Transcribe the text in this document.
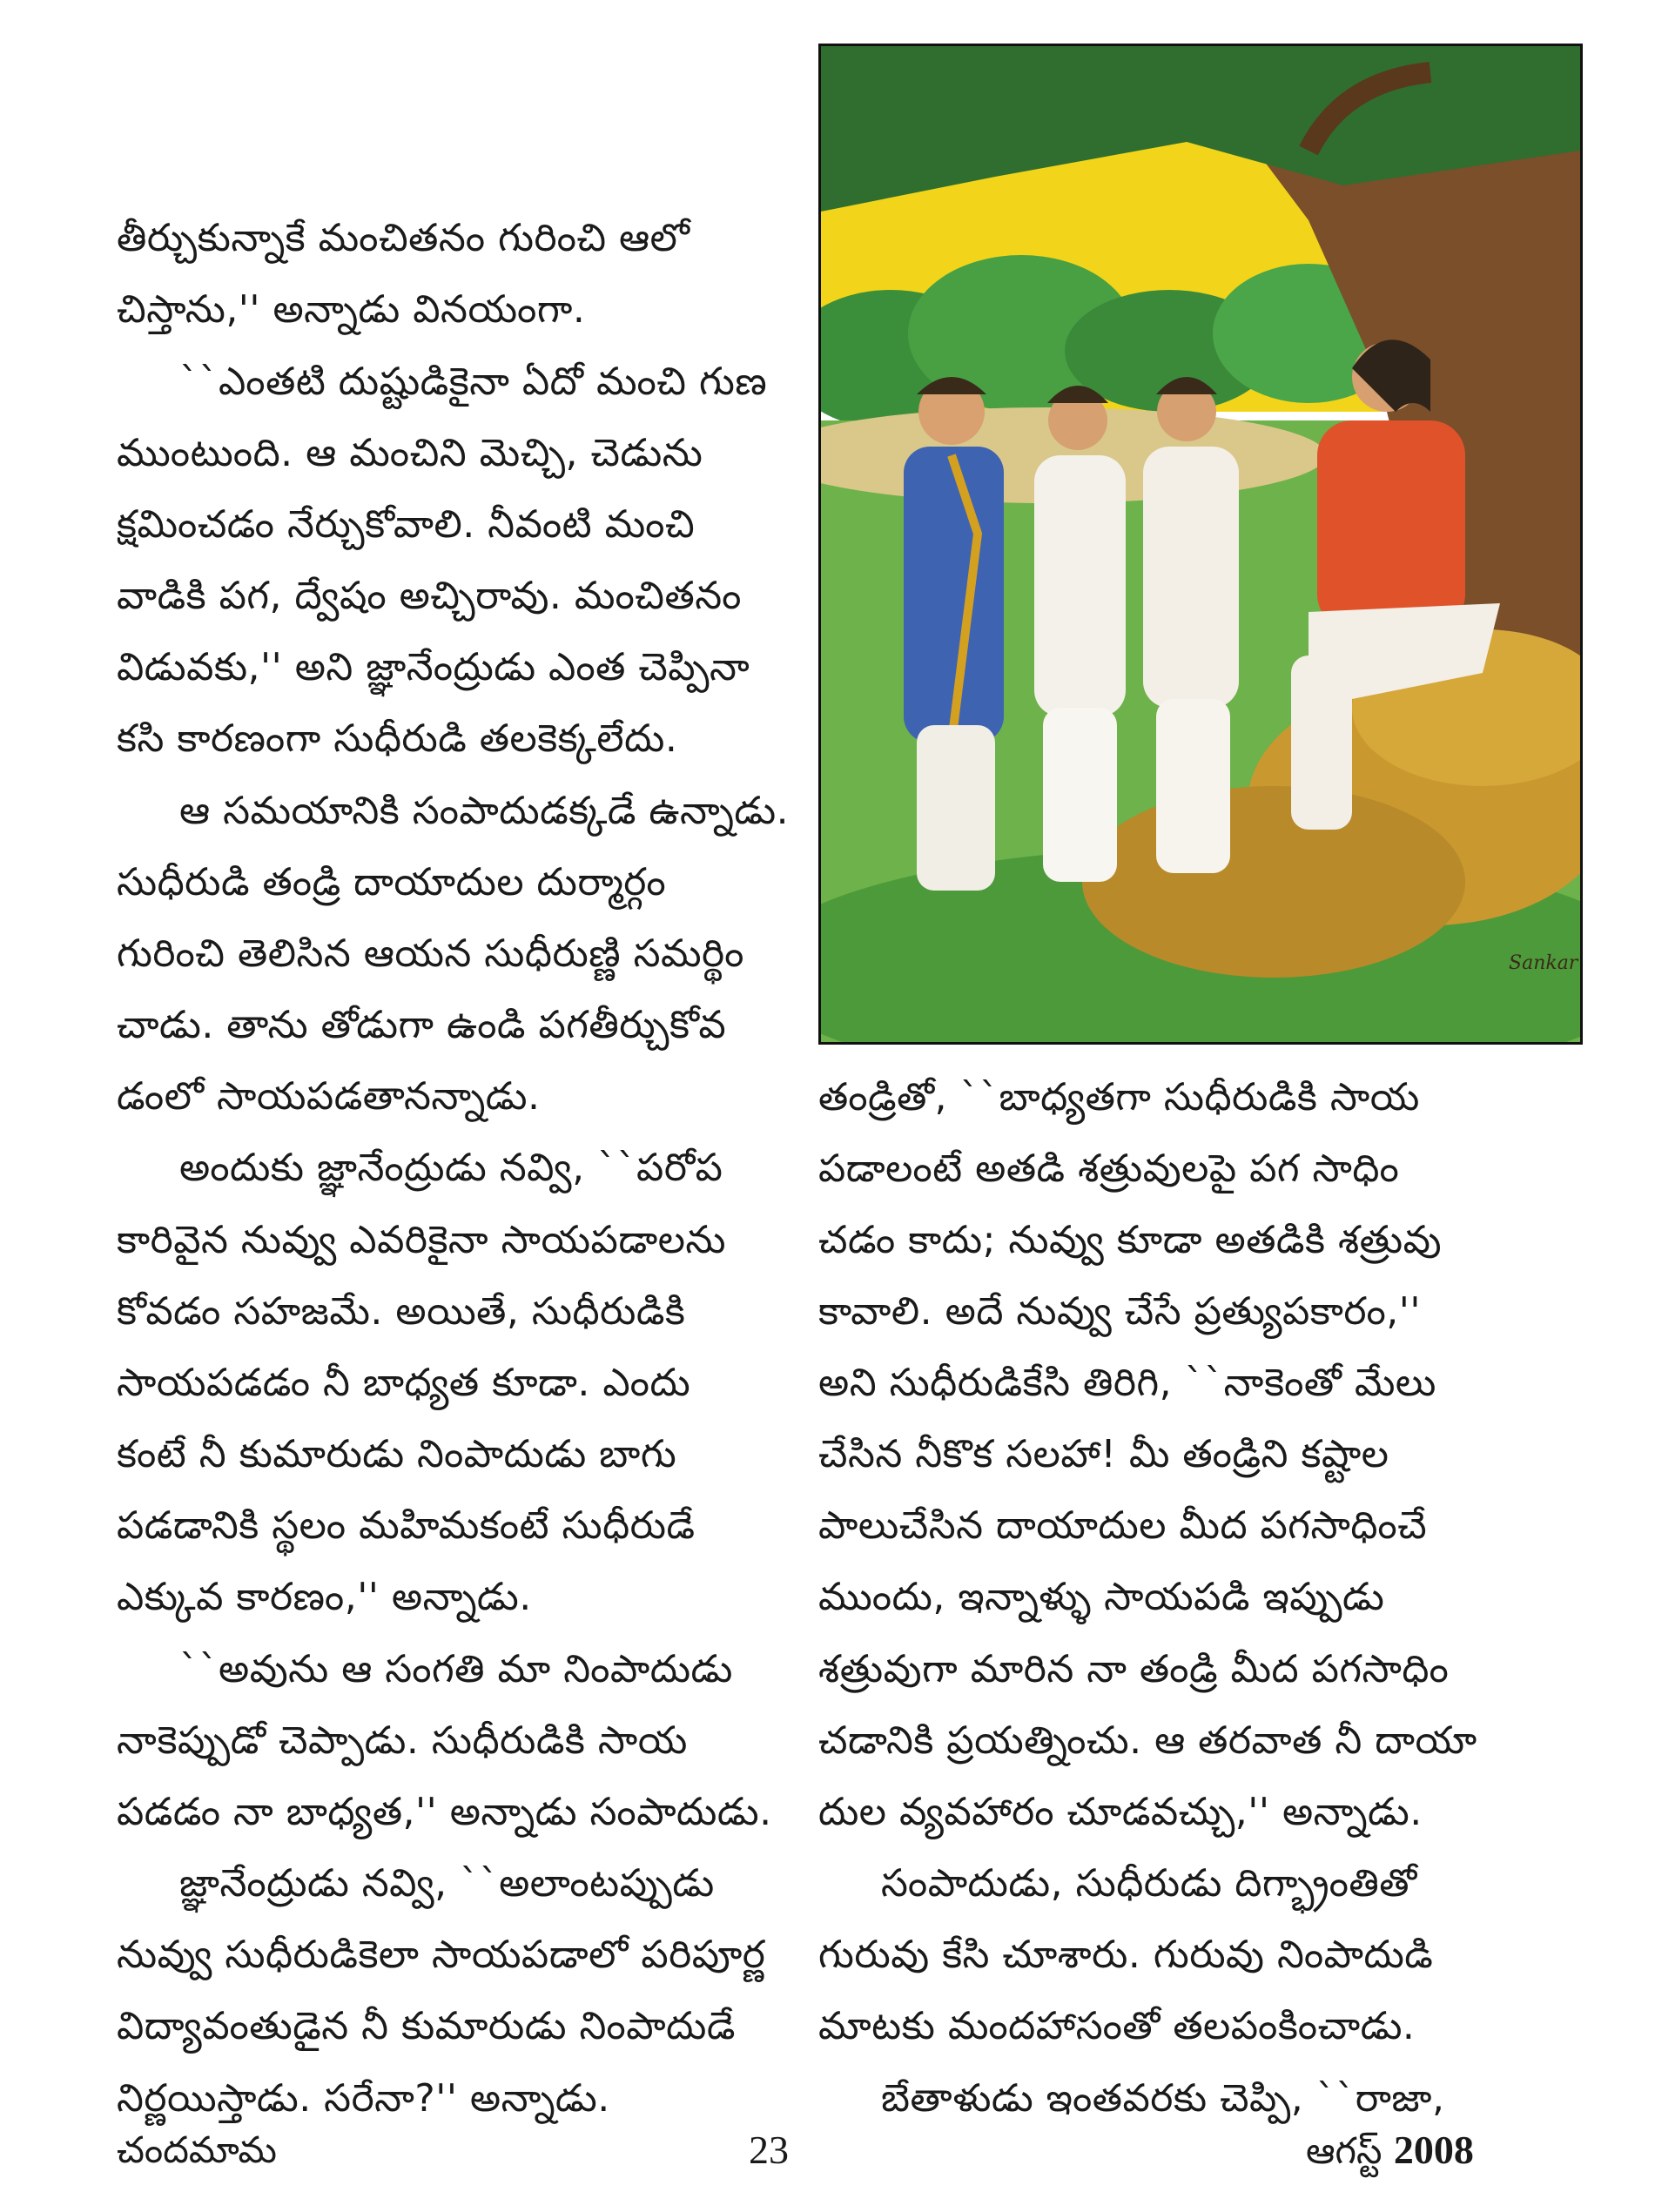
తీర్చుకున్నాకే మంచితనం గురించి ఆలో
చిస్తాను,'' అన్నాడు వినయంగా.
``ఎంతటి దుష్టుడికైనా ఏదో మంచి గుణ
ముంటుంది. ఆ మంచిని మెచ్చి, చెడును
క్షమించడం నేర్చుకోవాలి. నీవంటి మంచి
వాడికి పగ, ద్వేషం అచ్చిరావు. మంచితనం
విడువకు,'' అని జ్ఞానేంద్రుడు ఎంత చెప్పినా
కసి కారణంగా సుధీరుడి తలకెక్కలేదు.
ఆ సమయానికి సంపాదుడక్కడే ఉన్నాడు.
సుధీరుడి తండ్రి దాయాదుల దుర్మార్గం
గురించి తెలిసిన ఆయన సుధీరుణ్ణి సమర్థిం
చాడు. తాను తోడుగా ఉండి పగతీర్చుకోవ
డంలో సాయపడతానన్నాడు.
అందుకు జ్ఞానేంద్రుడు నవ్వి, ``పరోప
కారివైన నువ్వు ఎవరికైనా సాయపడాలను
కోవడం సహజమే. అయితే, సుధీరుడికి
సాయపడడం నీ బాధ్యత కూడా. ఎందు
కంటే నీ కుమారుడు నింపాదుడు బాగు
పడడానికి స్థలం మహిమకంటే సుధీరుడే
ఎక్కువ కారణం,'' అన్నాడు.
``అవును ఆ సంగతి మా నింపాదుడు
నాకెప్పుడో చెప్పాడు. సుధీరుడికి సాయ
పడడం నా బాధ్యత,'' అన్నాడు సంపాదుడు.
జ్ఞానేంద్రుడు నవ్వి, ``అలాంటప్పుడు
నువ్వు సుధీరుడికెలా సాయపడాలో పరిపూర్ణ
విద్యావంతుడైన నీ కుమారుడు నింపాదుడే
నిర్ణయిస్తాడు. సరేనా?'' అన్నాడు.
Sankar
తండ్రితో, ``బాధ్యతగా సుధీరుడికి సాయ
పడాలంటే అతడి శత్రువులపై పగ సాధిం
చడం కాదు; నువ్వు కూడా అతడికి శత్రువు
కావాలి. అదే నువ్వు చేసే ప్రత్యుపకారం,''
అని సుధీరుడికేసి తిరిగి, ``నాకెంతో మేలు
చేసిన నీకొక సలహా! మీ తండ్రిని కష్టాల
పాలుచేసిన దాయాదుల మీద పగసాధించే
ముందు, ఇన్నాళ్ళు సాయపడి ఇప్పుడు
శత్రువుగా మారిన నా తండ్రి మీద పగసాధిం
చడానికి ప్రయత్నించు. ఆ తరవాత నీ దాయా
దుల వ్యవహారం చూడవచ్చు,'' అన్నాడు.
సంపాదుడు, సుధీరుడు దిగ్భ్రాంతితో
గురువు కేసి చూశారు. గురువు నింపాదుడి
మాటకు మందహాసంతో తలపంకించాడు.
బేతాళుడు ఇంతవరకు చెప్పి, ``రాజా,
చందమామ	23	ఆగస్ట్ 2008
